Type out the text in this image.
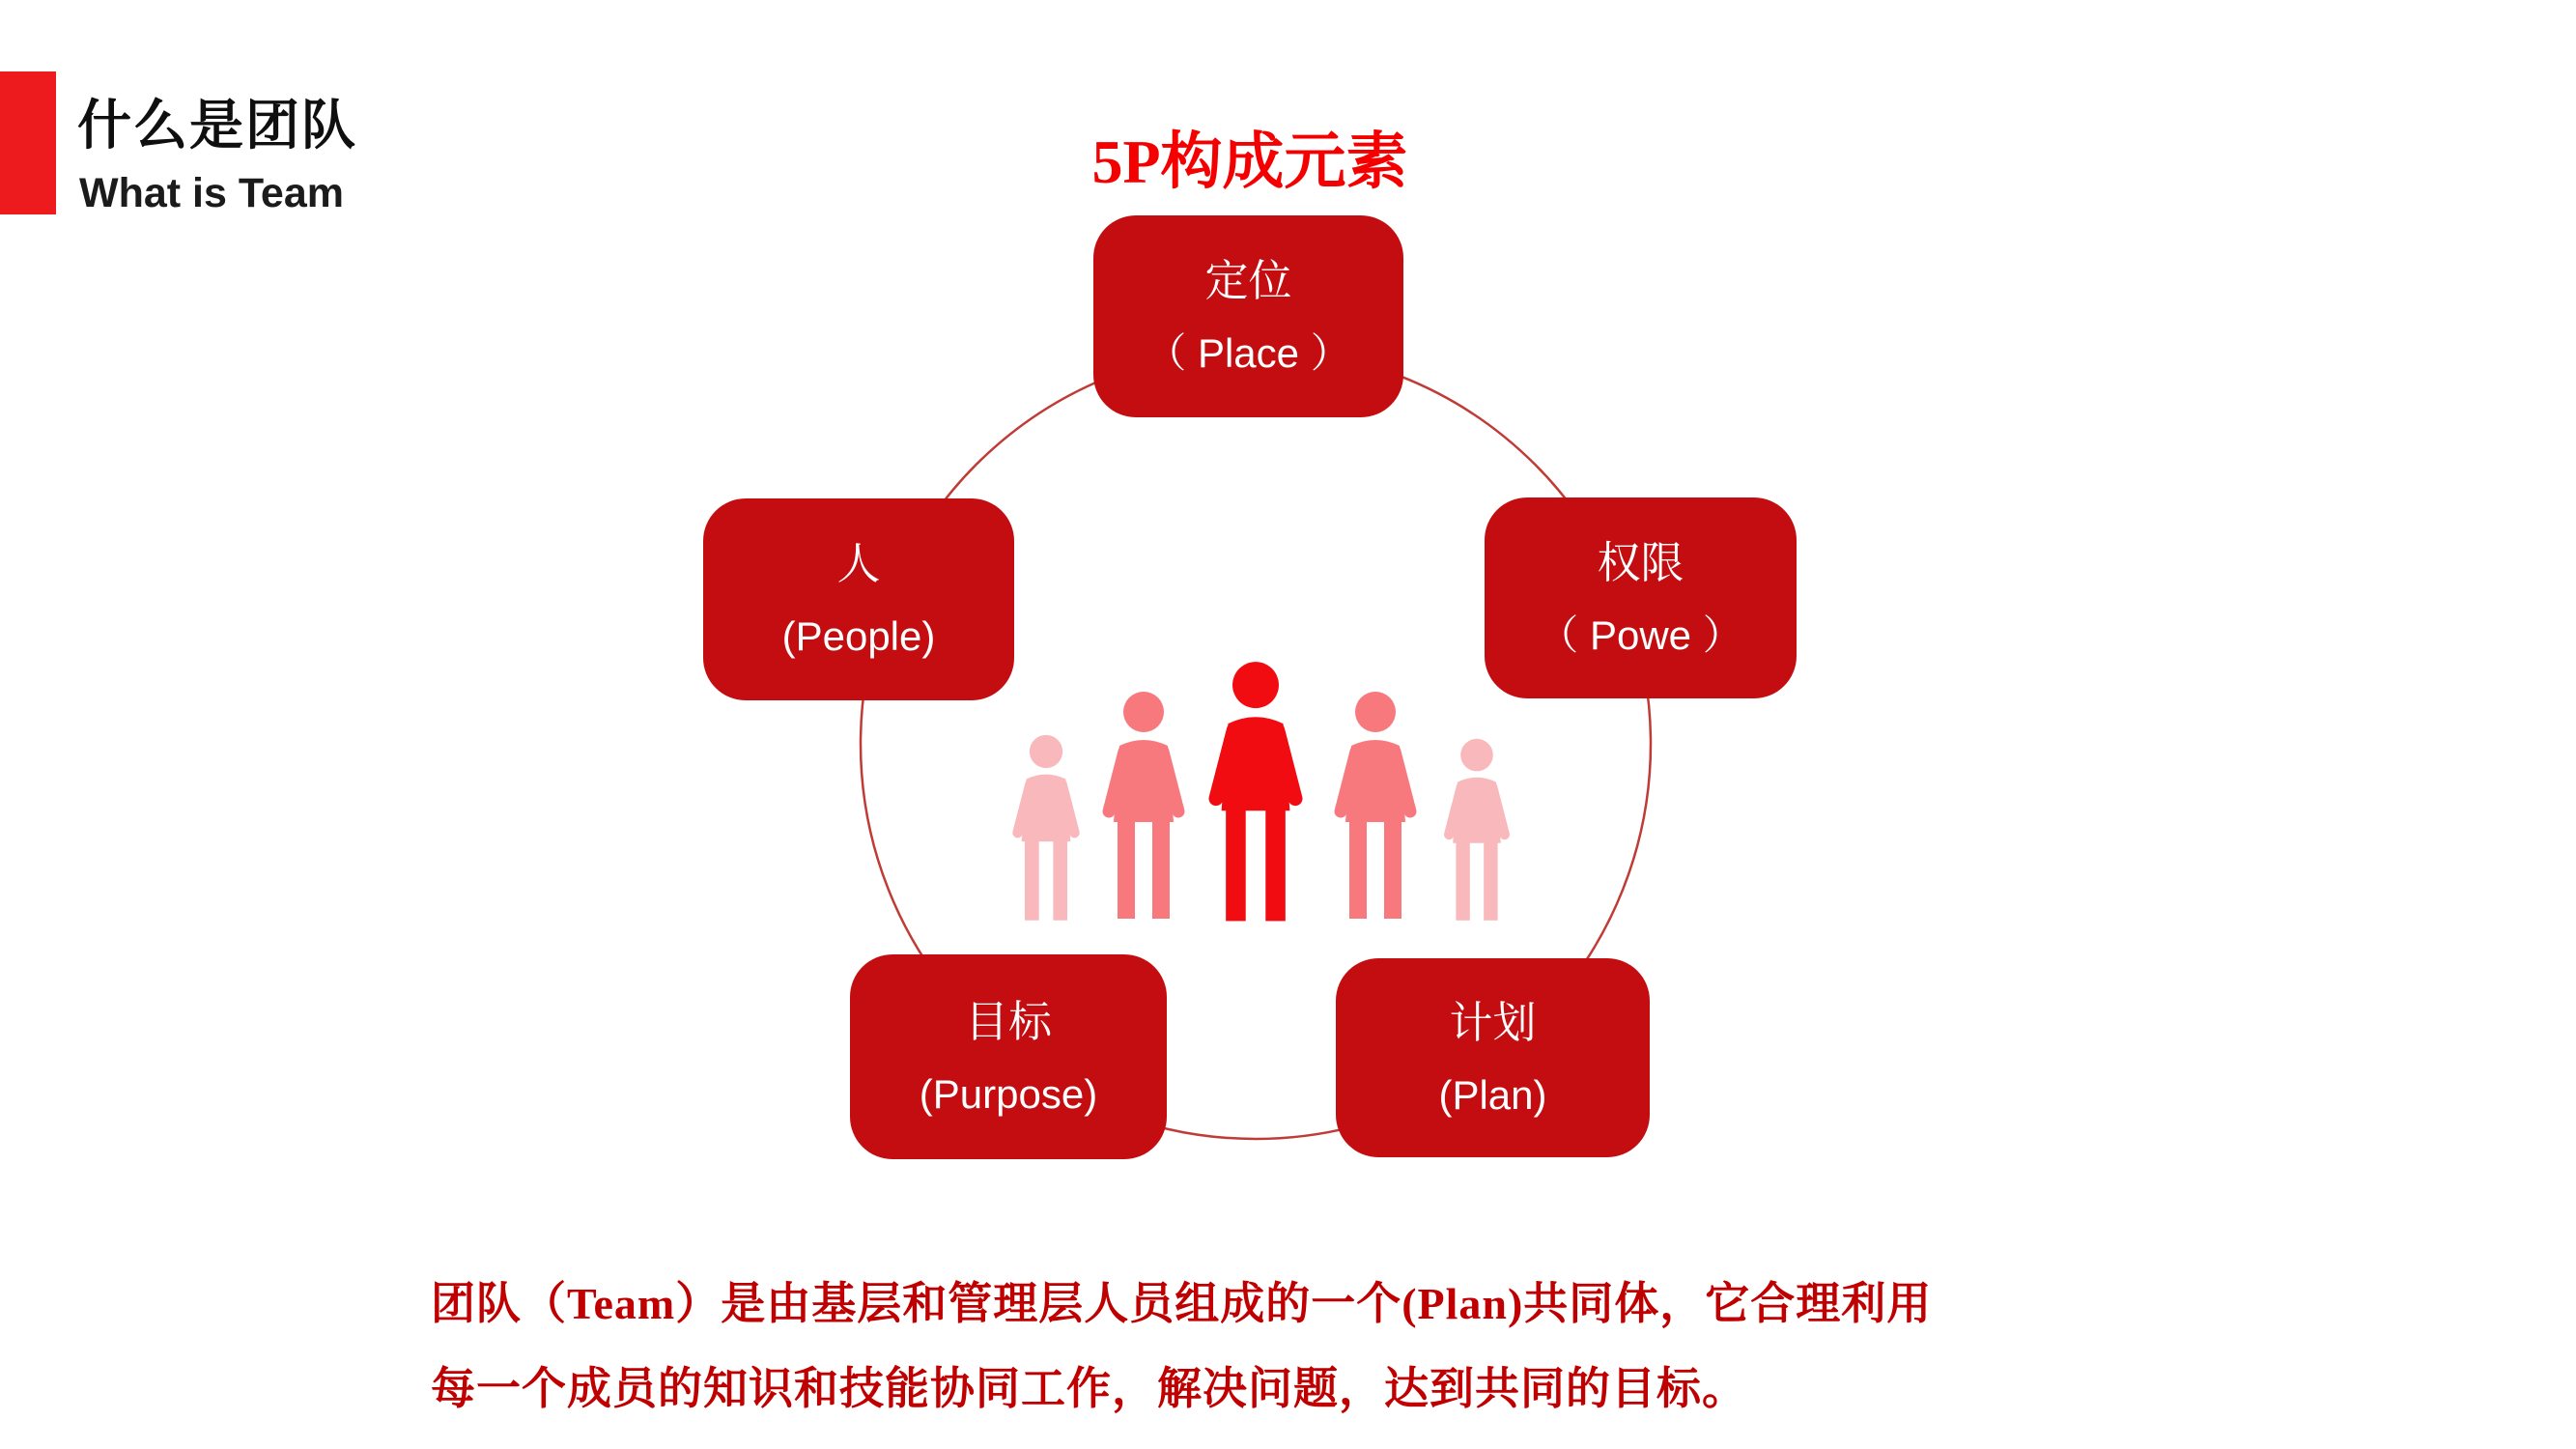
什么是团队
What is Team	5P构成元素
定位
（ Place ）
人
(People)
权限
（ Powe ）
目标
(Purpose)
计划
(Plan)
团队（Team）是由基层和管理层人员组成的一个(Plan)共同体，它合理利用
每一个成员的知识和技能协同工作，解决问题，达到共同的目标。
